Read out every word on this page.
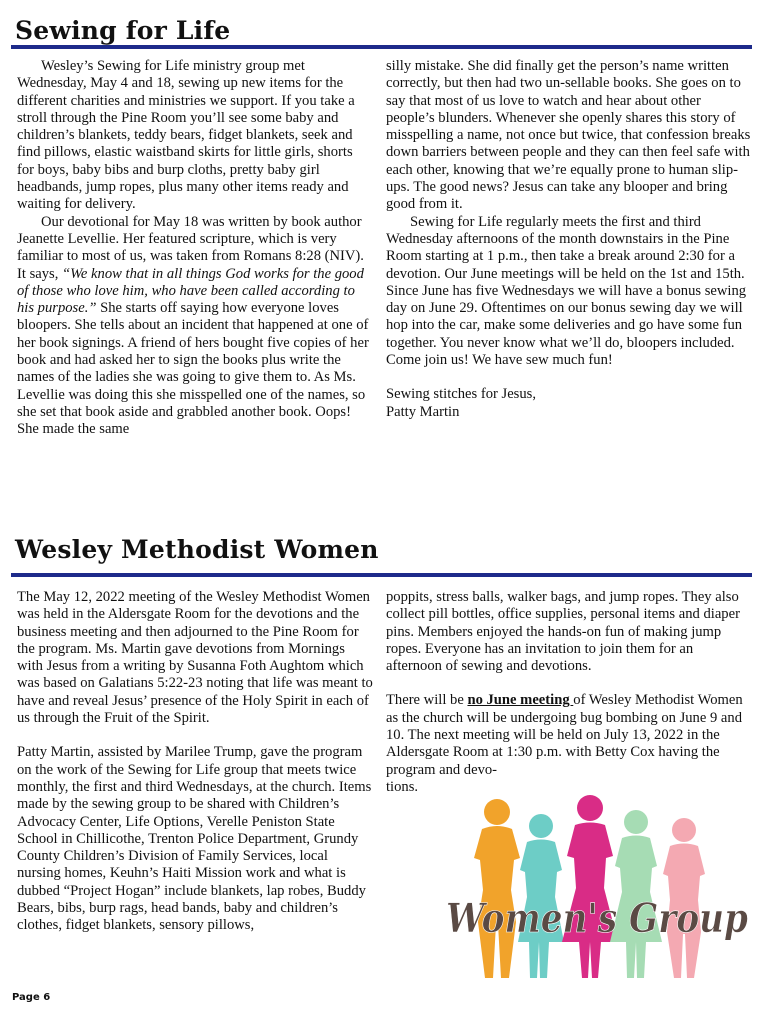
Sewing for Life

Wesley’s Sewing for Life ministry group met Wednesday, May 4 and 18, sewing up new items for the different charities and ministries we support. If you take a stroll through the Pine Room you’ll see some baby and children’s blankets, teddy bears, fidget blankets, seek and find pillows, elastic waistband skirts for little girls, shorts for boys, baby bibs and burp cloths, pretty baby girl headbands, jump ropes, plus many other items ready and waiting for delivery.

Our devotional for May 18 was written by book author Jeanette Levellie. Her featured scripture, which is very familiar to most of us, was taken from Romans 8:28 (NIV). It says, “We know that in all things God works for the good of those who love him, who have been called according to his purpose.” She starts off saying how everyone loves bloopers. She tells about an incident that happened at one of her book signings. A friend of hers bought five copies of her book and had asked her to sign the books plus write the names of the ladies she was going to give them to. As Ms. Levellie was doing this she misspelled one of the names, so she set that book aside and grabbled another book. Oops! She made the same

silly mistake. She did finally get the person’s name written correctly, but then had two un-sellable books. She goes on to say that most of us love to watch and hear about other people’s blunders. Whenever she openly shares this story of misspelling a name, not once but twice, that confession breaks down barriers between people and they can then feel safe with each other, knowing that we’re equally prone to human slip-ups. The good news? Jesus can take any blooper and bring good from it.

Sewing for Life regularly meets the first and third Wednesday afternoons of the month downstairs in the Pine Room starting at 1 p.m., then take a break around 2:30 for a devotion. Our June meetings will be held on the 1st and 15th. Since June has five Wednesdays we will have a bonus sewing day on June 29. Oftentimes on our bonus sewing day we will hop into the car, make some deliveries and go have some fun together. You never know what we’ll do, bloopers included. Come join us! We have sew much fun!

Sewing stitches for Jesus,

Patty Martin

Wesley Methodist Women

The May 12, 2022 meeting of the Wesley Methodist Women was held in the Aldersgate Room for the devotions and the business meeting and then adjourned to the Pine Room for the program. Ms. Martin gave devotions from Mornings with Jesus from a writing by Susanna Foth Aughtom which was based on Galatians 5:22-23 noting that life was meant to have and reveal Jesus’ presence of the Holy Spirit in each of us through the Fruit of the Spirit.

Patty Martin, assisted by Marilee Trump, gave the program on the work of the Sewing for Life group that meets twice monthly, the first and third Wednesdays, at the church. Items made by the sewing group to be shared with Children’s Advocacy Center, Life Options, Verelle Peniston State School in Chillicothe, Trenton Police Department, Grundy County Children’s Division of Family Services, local nursing homes, Keuhn’s Haiti Mission work and what is dubbed “Project Hogan” include blankets, lap robes, Buddy Bears, bibs, burp rags, head bands, baby and children’s clothes, fidget blankets, sensory pillows,

poppits, stress balls, walker bags, and jump ropes. They also collect pill bottles, office supplies, personal items and diaper pins. Members enjoyed the hands-on fun of making jump ropes. Everyone has an invitation to join them for an afternoon of sewing and devotions.

There will be no June meeting of Wesley Methodist Women as the church will be undergoing bug bombing on June 9 and 10. The next meeting will be held on July 13, 2022 in the Aldersgate Room at 1:30 p.m. with Betty Cox having the program and devo-

tions.

Women's Group
Page 6
